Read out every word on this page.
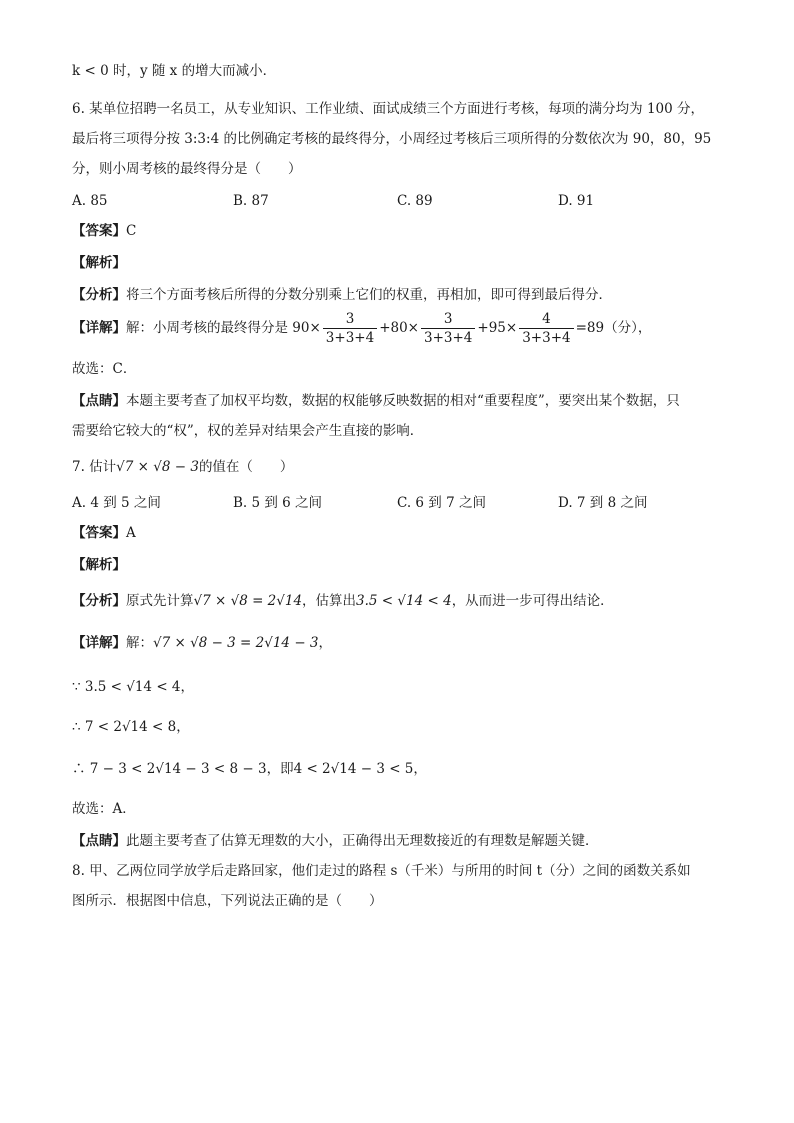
k < 0 时，y 随 x 的增大而减小．
6. 某单位招聘一名员工，从专业知识、工作业绩、面试成绩三个方面进行考核，每项的满分均为 100 分，
最后将三项得分按 3:3:4 的比例确定考核的最终得分，小周经过考核后三项所得的分数依次为 90，80，95
分，则小周考核的最终得分是（　　）
A. 85	B. 87	C. 89	D. 91
【答案】C
【解析】
【分析】将三个方面考核后所得的分数分别乘上它们的权重，再相加，即可得到最后得分．
【详解】解：小周考核的最终得分是 $90\times \frac{3}{3+3+4} +80\times \frac{3}{3+3+4} +95\times \frac{4}{3+3+4} =89$（分），
故选：C．
【点睛】本题主要考查了加权平均数，数据的权能够反映数据的相对“重要程度”，要突出某个数据，只
需要给它较大的“权”，权的差异对结果会产生直接的影响．
7. 估计√7 × √8 − 3的值在（　　）
A. 4 到 5 之间	B. 5 到 6 之间	C. 6 到 7 之间	D. 7 到 8 之间
【答案】A
【解析】
【分析】原式先计算√7 × √8 = 2√14，估算出3.5 < √14 < 4，从而进一步可得出结论．
【详解】解：√7 × √8 − 3 = 2√14 − 3，
∵ 3.5 < √14 < 4，
∴ 7 < 2√14 < 8，
∴ 7 − 3 < 2√14 − 3 < 8 − 3，即4 < 2√14 − 3 < 5，
故选：A．
【点睛】此题主要考查了估算无理数的大小，正确得出无理数接近的有理数是解题关键．
8. 甲、乙两位同学放学后走路回家，他们走过的路程 s（千米）与所用的时间 t（分）之间的函数关系如
图所示．根据图中信息，下列说法正确的是（　　）
